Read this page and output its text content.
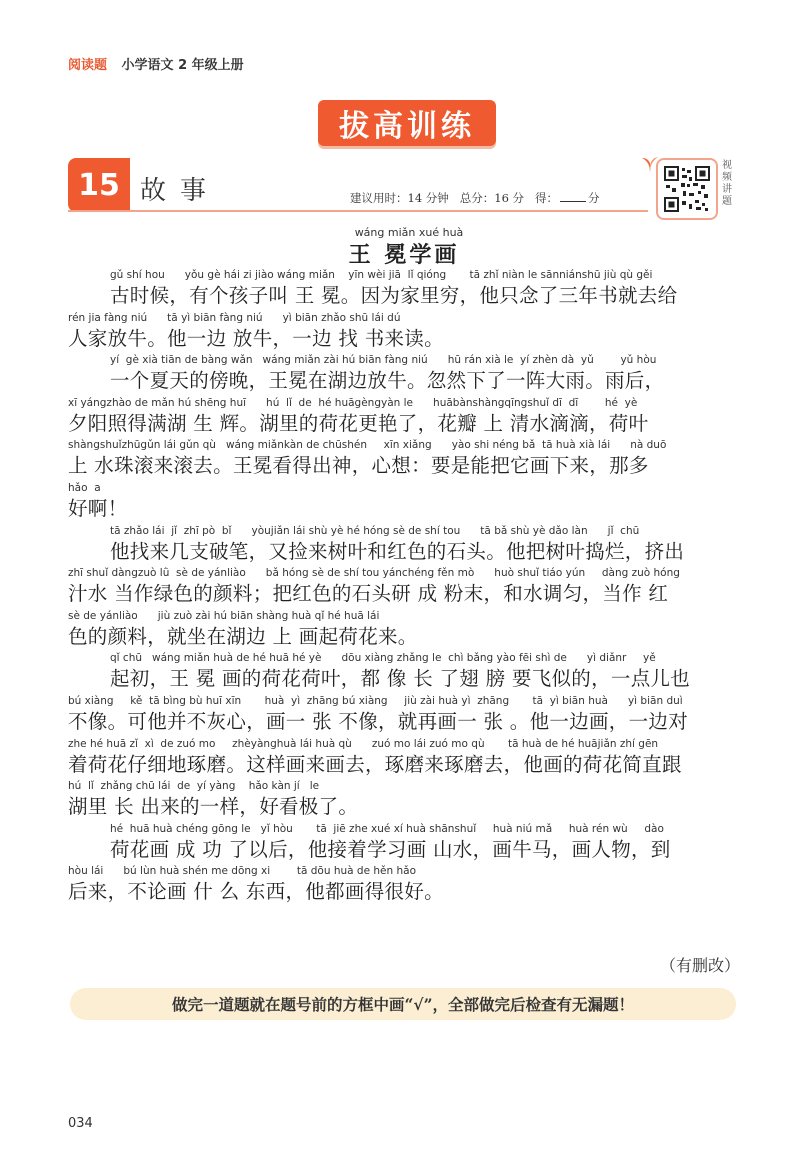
阅读题 小学语文 2 年级上册
拔高训练
15 故事	建议用时：14 分钟 总分：16 分 得：	分
视频讲题
wáng miǎn xué huà
王 冕学画
gǔ shí hou      yǒu gè hái zi jiào wáng miǎn    yīn wèi jiā  lǐ qióng       tā zhǐ niàn le sānniánshū jiù qù gěi
古时候，有个孩子叫 王 冕。因为家里穷，他只念了三年书就去给
rén jia fàng niú      tā yì biān fàng niú      yì biān zhǎo shū lái dú
人家放牛。他一边 放牛，一边 找 书来读。
yí  gè xià tiān de bàng wǎn   wáng miǎn zài hú biān fàng niú      hū rán xià le  yí zhèn dà  yǔ        yǔ hòu
一个夏天的傍晚，王冕在湖边放牛。忽然下了一阵大雨。雨后，
xī yángzhào de mǎn hú shēng huī      hú  lǐ  de  hé huāgèngyàn le      huābànshàngqīngshuǐ dī  dī        hé  yè
夕阳照得满湖 生 辉。湖里的荷花更艳了，花瓣 上 清水滴滴，荷叶
shàngshuǐzhūgǔn lái gǔn qù   wáng miǎnkàn de chūshén     xīn xiǎng      yào shi néng bǎ  tā huà xià lái      nà duō
上 水珠滚来滚去。王冕看得出神，心想：要是能把它画下来，那多
hǎo  a
好啊！
tā zhǎo lái  jǐ  zhī pò  bǐ      yòujiǎn lái shù yè hé hóng sè de shí tou      tā bǎ shù yè dǎo làn      jǐ  chū
他找来几支破笔，又捡来树叶和红色的石头。他把树叶捣烂，挤出
zhī shuǐ dàngzuò lǜ  sè de yánliào      bǎ hóng sè de shí tou yánchéng fěn mò      huò shuǐ tiáo yún     dàng zuò hóng
汁水 当作绿色的颜料；把红色的石头研 成 粉末，和水调匀，当作 红
sè de yánliào      jiù zuò zài hú biān shàng huà qǐ hé huā lái
色的颜料，就坐在湖边 上 画起荷花来。
qǐ chū   wáng miǎn huà de hé huā hé yè      dōu xiàng zhǎng le  chì bǎng yào fēi shì de      yì diǎnr     yě
起初，王 冕 画的荷花荷叶，都 像 长 了翅 膀 要飞似的，一点儿也
bú xiàng     kě  tā bìng bù huī xīn       huà  yì  zhāng bú xiàng     jiù zài huà yì  zhāng       tā  yì biān huà      yì biān duì
不像。可他并不灰心，画一 张 不像，就再画一 张 。他一边画，一边对
zhe hé huā zǐ  xì  de zuó mo     zhèyànghuà lái huà qù      zuó mo lái zuó mo qù       tā huà de hé huājiǎn zhí gēn
着荷花仔细地琢磨。这样画来画去，琢磨来琢磨去，他画的荷花简直跟
hú  lǐ  zhǎng chū lái  de  yí yàng    hǎo kàn jí   le
湖里 长 出来的一样，好看极了。
hé  huā huà chéng gōng le   yǐ hòu       tā  jiē zhe xué xí huà shānshuǐ     huà niú mǎ     huà rén wù     dào
荷花画 成 功 了以后，他接着学习画 山水，画牛马，画人物，到
hòu lái      bú lùn huà shén me dōng xi        tā dōu huà de hěn hǎo
后来，不论画 什 么 东西，他都画得很好。
（有删改）
做完一道题就在题号前的方框中画“√”，全部做完后检查有无漏题！
034
